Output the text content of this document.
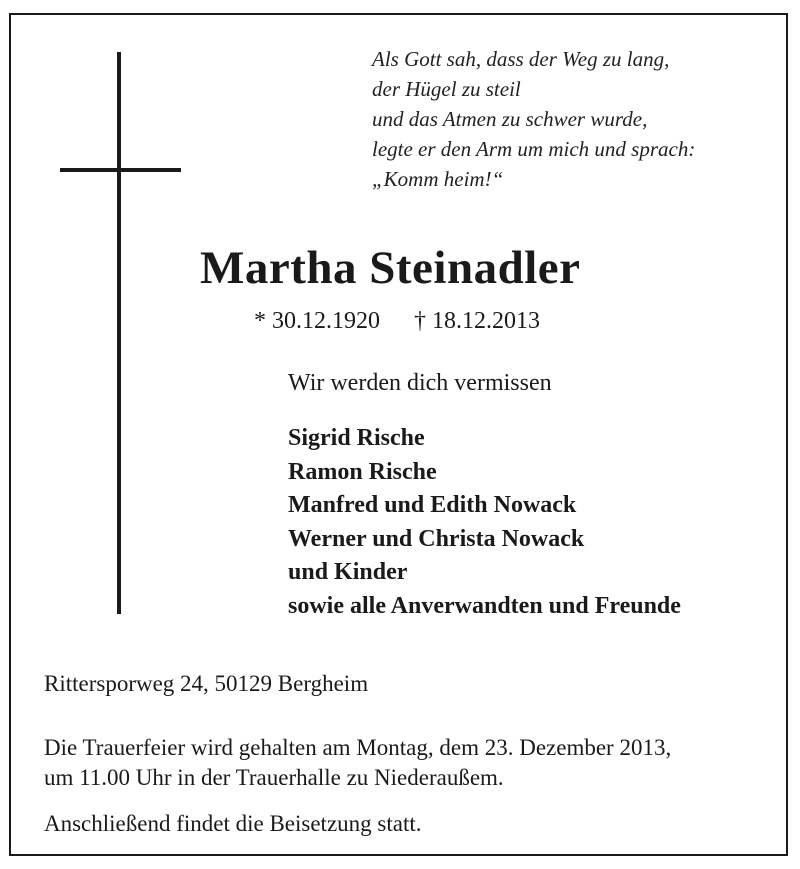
Als Gott sah, dass der Weg zu lang,
der Hügel zu steil
und das Atmen zu schwer wurde,
legte er den Arm um mich und sprach:
„Komm heim!“
Martha Steinadler
* 30.12.1920 † 18.12.2013
Wir werden dich vermissen
Sigrid Rische
Ramon Rische
Manfred und Edith Nowack
Werner und Christa Nowack
und Kinder
sowie alle Anverwandten und Freunde
Rittersporweg 24, 50129 Bergheim
Die Trauerfeier wird gehalten am Montag, dem 23. Dezember 2013,
um 11.00 Uhr in der Trauerhalle zu Niederaußem.
Anschließend findet die Beisetzung statt.
